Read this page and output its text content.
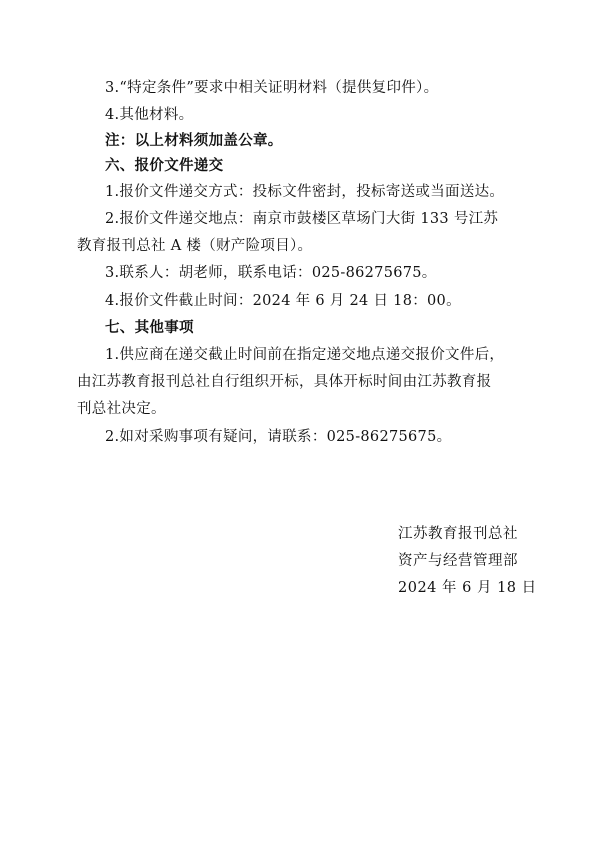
3.“特定条件”要求中相关证明材料（提供复印件）。
4.其他材料。
注：以上材料须加盖公章。
六、报价文件递交
1.报价文件递交方式：投标文件密封，投标寄送或当面送达。
2.报价文件递交地点：南京市鼓楼区草场门大街 133 号江苏
教育报刊总社 A 楼（财产险项目）。
3.联系人：胡老师，联系电话：025-86275675。
4.报价文件截止时间：2024 年 6 月 24 日 18：00。
七、其他事项
1.供应商在递交截止时间前在指定递交地点递交报价文件后，
由江苏教育报刊总社自行组织开标，具体开标时间由江苏教育报
刊总社决定。
2.如对采购事项有疑问，请联系：025-86275675。
江苏教育报刊总社
资产与经营管理部
2024 年 6 月 18 日
